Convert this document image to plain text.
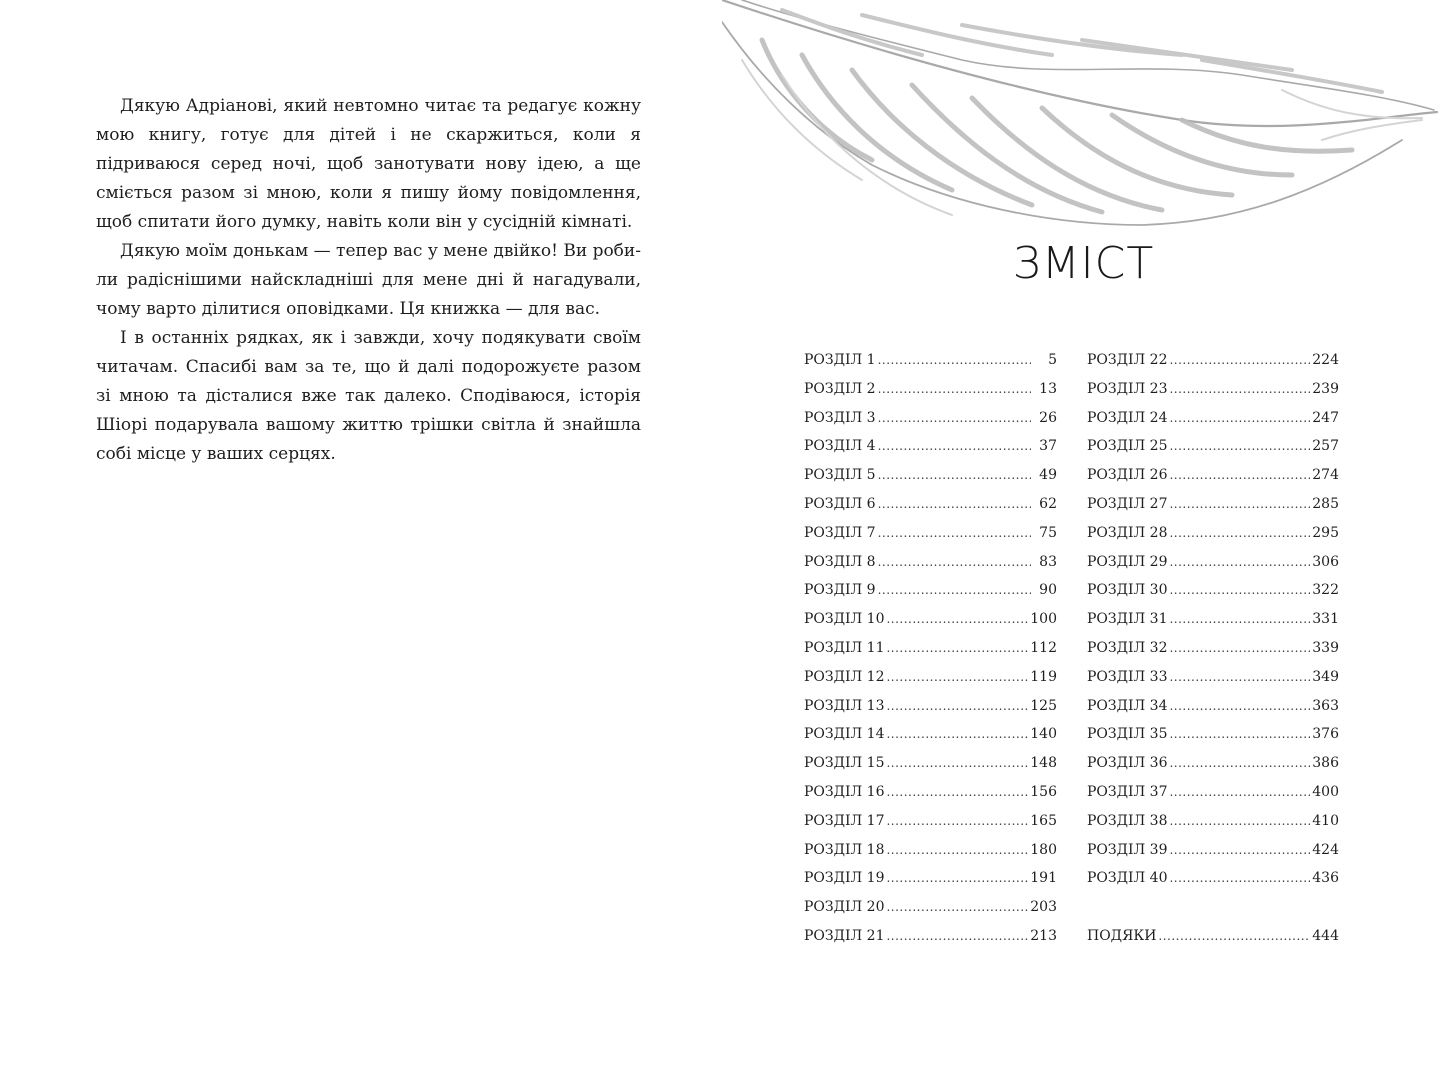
Дякую Адріанові, який невтомно читає та редагує кожну мою книгу, готує для дітей і не скаржиться, коли я підриваюся серед ночі, щоб занотувати нову ідею, а ще сміється разом зі мною, коли я пишу йому повідомлення, щоб спитати його думку, навіть коли він у сусідній кімнаті.

Дякую моїм донькам — тепер вас у мене двійко! Ви робили радіснішими найскладніші для мене дні й нагадували, чому варто ділитися оповідками. Ця книжка — для вас.

І в останніх рядках, як і завжди, хочу подякувати своїм читачам. Спасибі вам за те, що й далі подорожуєте разом зі мною та дісталися вже так далеко. Сподіваюся, історія Шіорі подарувала вашому життю трішки світла й знайшла собі місце у ваших серцях.

ЗМІСТ
РОЗДІЛ 1 .....	5
РОЗДІЛ 2 .....	13
РОЗДІЛ 3 .....	26
РОЗДІЛ 4 .....	37
РОЗДІЛ 5 .....	49
РОЗДІЛ 6 .....	62
РОЗДІЛ 7 .....	75
РОЗДІЛ 8 .....	83
РОЗДІЛ 9 .....	90
РОЗДІЛ 10 .....	100
РОЗДІЛ 11 .....	112
РОЗДІЛ 12 .....	119
РОЗДІЛ 13 .....	125
РОЗДІЛ 14 .....	140
РОЗДІЛ 15 .....	148
РОЗДІЛ 16 .....	156
РОЗДІЛ 17 .....	165
РОЗДІЛ 18 .....	180
РОЗДІЛ 19 .....	191
РОЗДІЛ 20 .....	203
РОЗДІЛ 21 .....	213
РОЗДІЛ 22 .....	224
РОЗДІЛ 23 .....	239
РОЗДІЛ 24 .....	247
РОЗДІЛ 25 .....	257
РОЗДІЛ 26 .....	274
РОЗДІЛ 27 .....	285
РОЗДІЛ 28 .....	295
РОЗДІЛ 29 .....	306
РОЗДІЛ 30 .....	322
РОЗДІЛ 31 .....	331
РОЗДІЛ 32 .....	339
РОЗДІЛ 33 .....	349
РОЗДІЛ 34 .....	363
РОЗДІЛ 35 .....	376
РОЗДІЛ 36 .....	386
РОЗДІЛ 37 .....	400
РОЗДІЛ 38 .....	410
РОЗДІЛ 39 .....	424
РОЗДІЛ 40 .....	436
ПОДЯКИ .....	444
